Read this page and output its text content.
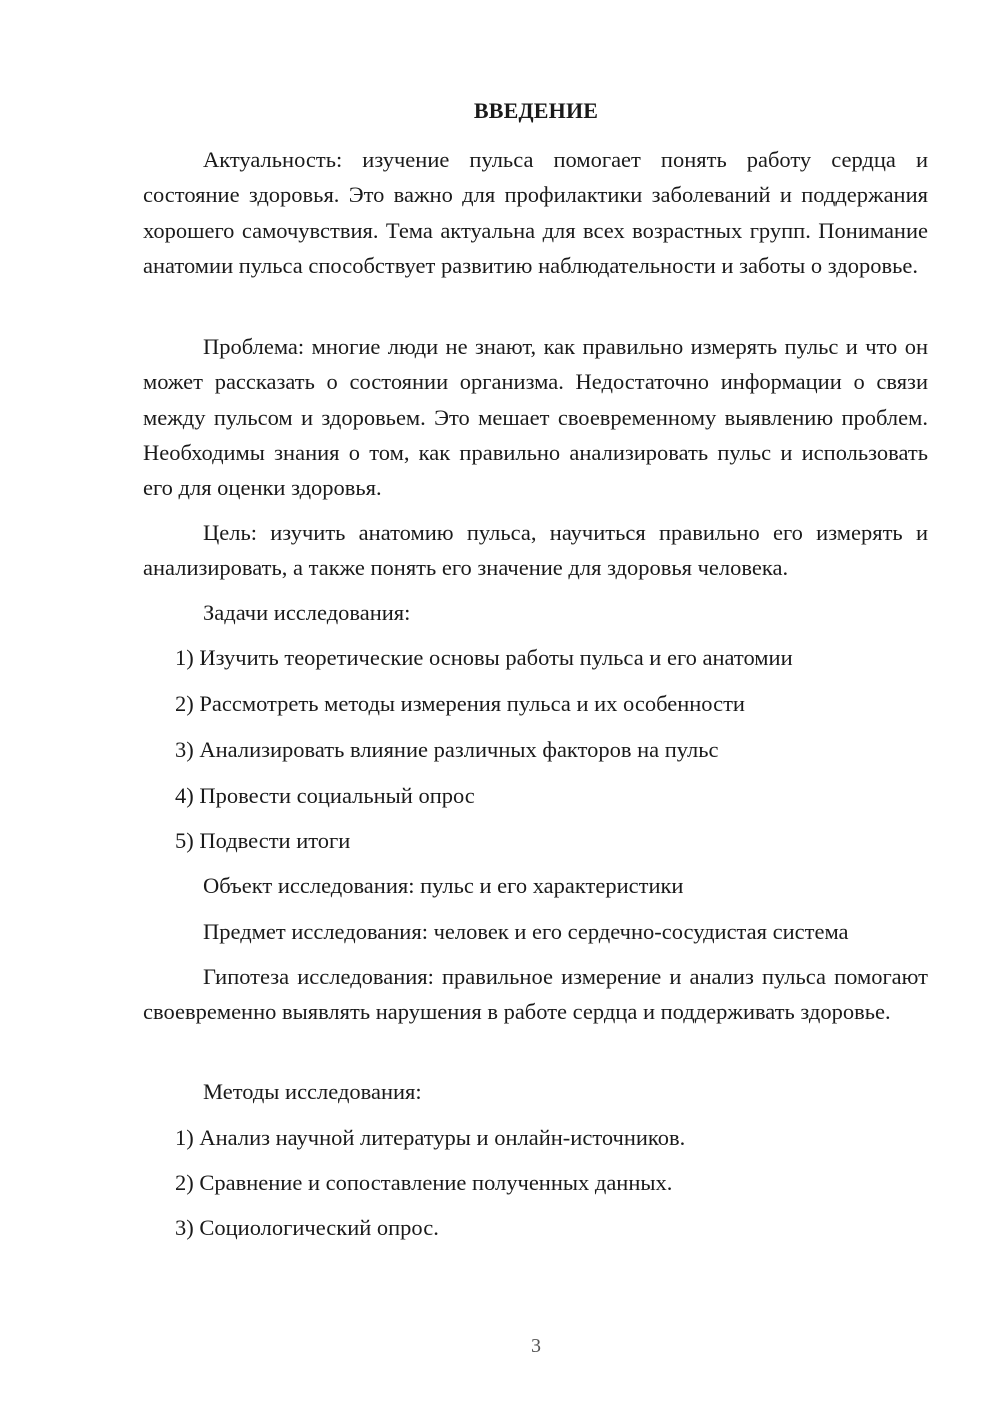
ВВЕДЕНИЕ

Актуальность: изучение пульса помогает понять работу сердца и состояние здоровья. Это важно для профилактики заболеваний и поддержания хорошего самочувствия. Тема актуальна для всех возрастных групп. Понимание анатомии пульса способствует развитию наблюдательности и заботы о здоровье.

Проблема: многие люди не знают, как правильно измерять пульс и что он может рассказать о состоянии организма. Недостаточно информации о связи между пульсом и здоровьем. Это мешает своевременному выявлению проблем. Необходимы знания о том, как правильно анализировать пульс и использовать его для оценки здоровья.

Цель: изучить анатомию пульса, научиться правильно его измерять и анализировать, а также понять его значение для здоровья человека.

Задачи исследования:

1) Изучить теоретические основы работы пульса и его анатомии

2) Рассмотреть методы измерения пульса и их особенности

3) Анализировать влияние различных факторов на пульс

4) Провести социальный опрос

5) Подвести итоги

Объект исследования: пульс и его характеристики

Предмет исследования: человек и его сердечно-сосудистая система

Гипотеза исследования: правильное измерение и анализ пульса помогают своевременно выявлять нарушения в работе сердца и поддерживать здоровье.

Методы исследования:

1) Анализ научной литературы и онлайн-источников.

2) Сравнение и сопоставление полученных данных.

3) Социологический опрос.

3
